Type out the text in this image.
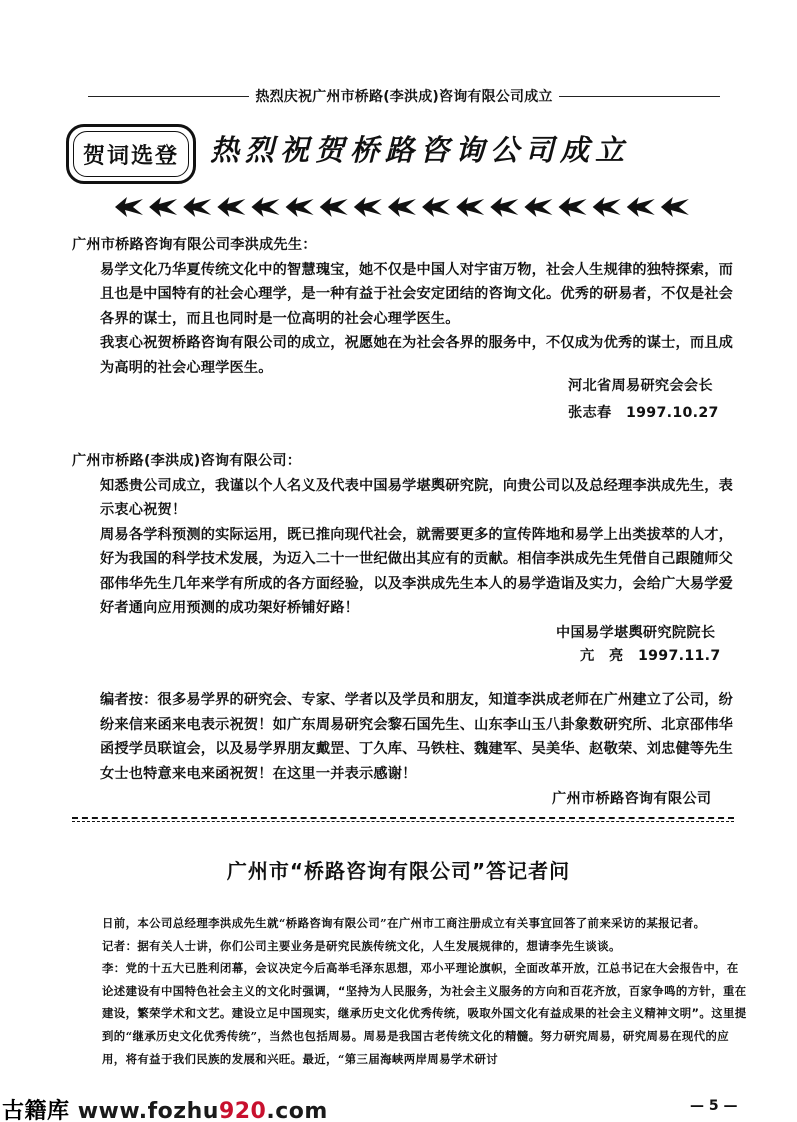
热烈庆祝广州市桥路(李洪成)咨询有限公司成立
贺词选登 热烈祝贺桥路咨询公司成立
广州市桥路咨询有限公司李洪成先生：
易学文化乃华夏传统文化中的智慧瑰宝，她不仅是中国人对宇宙万物，社会人生规律的独特探索，而且也是中国特有的社会心理学，是一种有益于社会安定团结的咨询文化。优秀的研易者，不仅是社会各界的谋士，而且也同时是一位高明的社会心理学医生。
我衷心祝贺桥路咨询有限公司的成立，祝愿她在为社会各界的服务中，不仅成为优秀的谋士，而且成为高明的社会心理学医生。
河北省周易研究会会长
张志春　1997.10.27
广州市桥路(李洪成)咨询有限公司：
知悉贵公司成立，我谨以个人名义及代表中国易学堪舆研究院，向贵公司以及总经理李洪成先生，表示衷心祝贺！
周易各学科预测的实际运用，既已推向现代社会，就需要更多的宣传阵地和易学上出类拔萃的人才，好为我国的科学技术发展，为迈入二十一世纪做出其应有的贡献。相信李洪成先生凭借自己跟随师父邵伟华先生几年来学有所成的各方面经验，以及李洪成先生本人的易学造诣及实力，会给广大易学爱好者通向应用预测的成功架好桥铺好路！
中国易学堪舆研究院院长
亢　亮　1997.11.7
编者按：很多易学界的研究会、专家、学者以及学员和朋友，知道李洪成老师在广州建立了公司，纷纷来信来函来电表示祝贺！如广东周易研究会黎石国先生、山东李山玉八卦象数研究所、北京邵伟华函授学员联谊会，以及易学界朋友戴罡、丁久库、马铁柱、魏建军、吴美华、赵敬荣、刘忠健等先生女士也特意来电来函祝贺！在这里一并表示感谢！
广州市桥路咨询有限公司
广州市“桥路咨询有限公司”答记者问
日前，本公司总经理李洪成先生就“桥路咨询有限公司”在广州市工商注册成立有关事宜回答了前来采访的某报记者。
记者：据有关人士讲，你们公司主要业务是研究民族传统文化，人生发展规律的，想请李先生谈谈。
李：党的十五大已胜利闭幕，会议决定今后高举毛泽东思想，邓小平理论旗帜，全面改革开放，江总书记在大会报告中，在论述建设有中国特色社会主义的文化时强调，“坚持为人民服务，为社会主义服务的方向和百花齐放，百家争鸣的方针，重在建设，繁荣学术和文艺。建设立足中国现实，继承历史文化优秀传统，吸取外国文化有益成果的社会主义精神文明”。这里提到的“继承历史文化优秀传统”，当然也包括周易。周易是我国古老传统文化的精髓。努力研究周易，研究周易在现代的应用，将有益于我们民族的发展和兴旺。最近，“第三届海峡两岸周易学术研讨
古籍库 www.fozhu920.com	— 5 —
